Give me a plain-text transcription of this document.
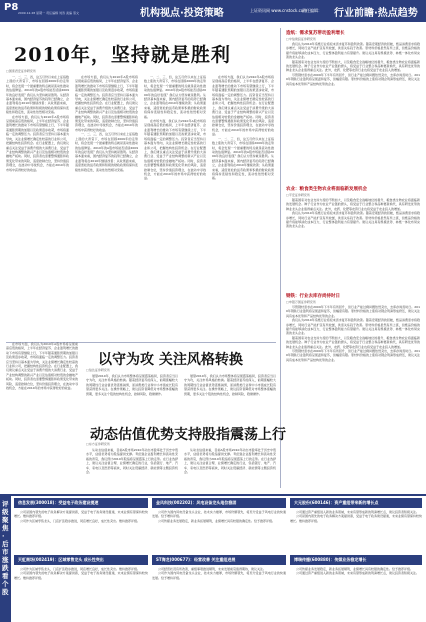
P8 2009.12.28 星期一 责任编辑 刘涛 美编 蔡文	机构视点·投资策略	上证资讯网 www.cnstock.com
责任编辑： 行业前瞻·热点趋势
2010年，坚持就是胜利
□国泰君安证券研究所

一、二、三、四，这五月份以来在上证指数上涨的大背景下，市场在回顾2009年的走势时，将会发现一个最重要的特点就是流动性推动的估值修复。2010年的A股市场能否延续2009年的良好表现？我们认为坚持就是胜利。从经济基本面来看，国内经济复苏的趋势已经确立，企业盈利将在2010年继续改善；从政策面来看，适度宽松的货币政策和积极的财政政策将保持连续性和稳定性，流动性依然相对充裕。

在市场方面，我们认为2010年A股市场将呈现前高后低的格局，上半年在经济复苏、企业盈利增长的推动下市场有望继续上行，下半年随着通胀预期的加强以及政策逐步收紧，市场将面临一定的调整压力。投资者应当坚持以基本面为导向，关注业绩增长确定性较高的行业和公司，把握结构性投资机会。在行业配置上，我们建议重点关注受益于消费升级的大消费行业、受益于产业结构调整的新兴产业以及估值相对较低的金融地产板块。同时，投资者也需要警惕通胀和政策变化带来的风险，适度控制仓位，坚持价值投资理念，在波动中寻找机会，方能在2010年的市场中获得较好的收益。

在市场方面，我们认为2010年A股市场将呈现前高后低的格局，上半年在经济复苏、企业盈利增长的推动下市场有望继续上行，下半年随着通胀预期的加强以及政策逐步收紧，市场将面临一定的调整压力。投资者应当坚持以基本面为导向，关注业绩增长确定性较高的行业和公司，把握结构性投资机会。在行业配置上，我们建议重点关注受益于消费升级的大消费行业、受益于产业结构调整的新兴产业以及估值相对较低的金融地产板块。同时，投资者也需要警惕通胀和政策变化带来的风险，适度控制仓位，坚持价值投资理念，在波动中寻找机会，方能在2010年的市场中获得较好的收益。

一、二、三、四，这五月份以来在上证指数上涨的大背景下，市场在回顾2009年的走势时，将会发现一个最重要的特点就是流动性推动的估值修复。2010年的A股市场能否延续2009年的良好表现？我们认为坚持就是胜利。从经济基本面来看，国内经济复苏的趋势已经确立，企业盈利将在2010年继续改善；从政策面来看，适度宽松的货币政策和积极的财政政策将保持连续性和稳定性，流动性依然相对充裕。

一、二、三、四，这五月份以来在上证指数上涨的大背景下，市场在回顾2009年的走势时，将会发现一个最重要的特点就是流动性推动的估值修复。2010年的A股市场能否延续2009年的良好表现？我们认为坚持就是胜利。从经济基本面来看，国内经济复苏的趋势已经确立，企业盈利将在2010年继续改善；从政策面来看，适度宽松的货币政策和积极的财政政策将保持连续性和稳定性，流动性依然相对充裕。

在市场方面，我们认为2010年A股市场将呈现前高后低的格局，上半年在经济复苏、企业盈利增长的推动下市场有望继续上行，下半年随着通胀预期的加强以及政策逐步收紧，市场将面临一定的调整压力。投资者应当坚持以基本面为导向，关注业绩增长确定性较高的行业和公司，把握结构性投资机会。在行业配置上，我们建议重点关注受益于消费升级的大消费行业、受益于产业结构调整的新兴产业以及估值相对较低的金融地产板块。同时，投资者也需要警惕通胀和政策变化带来的风险，适度控制仓位，坚持价值投资理念，在波动中寻找机会，方能在2010年的市场中获得较好的收益。

在市场方面，我们认为2010年A股市场将呈现前高后低的格局，上半年在经济复苏、企业盈利增长的推动下市场有望继续上行，下半年随着通胀预期的加强以及政策逐步收紧，市场将面临一定的调整压力。投资者应当坚持以基本面为导向，关注业绩增长确定性较高的行业和公司，把握结构性投资机会。在行业配置上，我们建议重点关注受益于消费升级的大消费行业、受益于产业结构调整的新兴产业以及估值相对较低的金融地产板块。同时，投资者也需要警惕通胀和政策变化带来的风险，适度控制仓位，坚持价值投资理念，在波动中寻找机会，方能在2010年的市场中获得较好的收益。

一、二、三、四，这五月份以来在上证指数上涨的大背景下，市场在回顾2009年的走势时，将会发现一个最重要的特点就是流动性推动的估值修复。2010年的A股市场能否延续2009年的良好表现？我们认为坚持就是胜利。从经济基本面来看，国内经济复苏的趋势已经确立，企业盈利将在2010年继续改善；从政策面来看，适度宽松的货币政策和积极的财政政策将保持连续性和稳定性，流动性依然相对充裕。

以守为攻 关注风格转换
□信达证券研究所

在市场方面，我们认为2010年A股市场将呈现前高后低的格局，上半年在经济复苏、企业盈利增长的推动下市场有望继续上行，下半年随着通胀预期的加强以及政策逐步收紧，市场将面临一定的调整压力。投资者应当坚持以基本面为导向，关注业绩增长确定性较高的行业和公司，把握结构性投资机会。在行业配置上，我们建议重点关注受益于消费升级的大消费行业、受益于产业结构调整的新兴产业以及估值相对较低的金融地产板块。同时，投资者也需要警惕通胀和政策变化带来的风险，适度控制仓位，坚持价值投资理念，在波动中寻找机会，方能在2010年的市场中获得较好的收益。

展望2010年，我们认为市场整体将呈现震荡格局，投资者应当以守为攻，关注市场风格的转换。随着经济复苏的深入，前期涨幅较大的周期性行业估值优势逐渐减弱，而消费类行业和中小市值成长股有望获得更多关注。在操作策略上，建议投资者降低对市场整体涨幅的预期，更多关注个股的结构性机会，控制风险，稳健操作。

展望2010年，我们认为市场整体将呈现震荡格局，投资者应当以守为攻，关注市场风格的转换。随着经济复苏的深入，前期涨幅较大的周期性行业估值优势逐渐减弱，而消费类行业和中小市值成长股有望获得更多关注。在操作策略上，建议投资者降低对市场整体涨幅的预期，更多关注个股的结构性机会，控制风险，稳健操作。

动态估值优势支持股指震荡上行
□东方证券研究所

从动态估值来看，目前A股市场2010年动态市盈率处于历史中低水平，估值优势将为股指提供支撑。考虑到企业盈利增长和流动性充裕的背景，我们预计2010年股指将呈现震荡上行的走势。在行业选择上，建议关注估值合理、业绩增长确定的行业，包括银行、地产、汽车、家电以及医药等板块，同时关注低碳经济、新能源等主题投资机会。

从动态估值来看，目前A股市场2010年动态市盈率处于历史中低水平，估值优势将为股指提供支撑。考虑到企业盈利增长和流动性充裕的背景，我们预计2010年股指将呈现震荡上行的走势。在行业选择上，建议关注估值合理、业绩增长确定的行业，包括银行、地产、汽车、家电以及医药等板块，同时关注低碳经济、新能源等主题投资机会。

造纸：需求复苏带动盈利增长
□中信建投证券研究所

我们认为2010年造纸行业将迎来需求复苏和盈利改善。随着宏观经济的回暖，纸品消费需求将稳步增长，同时行业产能扩张有所放缓，供需关系趋于改善。原材料价格虽然有所上涨，但纸品价格的提升将能够消化成本压力，行业整体盈利能力有望提升。建议关注具有规模优势、林纸一体化布局完善的龙头企业。

随着国家对农业支持力度的不断加大，以及粮食安全战略地位的提升，粮食类生物农业将面临新的发展机会。种子行业作为农业产业链的源头，将受益于行业整合和品种更新换代，具有研发优势的种业龙头企业值得重点关注。此外，农药、化肥等农资行业也将受益于农业投入的增加。

尽管钢材需求在2009年下半年有所回升，但行业产能过剩问题依然突出，去库存尚需时日。2010年钢铁行业盈利将呈现温和复苏，但幅度有限。原材料价格的上涨将对钢企利润形成挤压，建议关注具有成本优势和产品结构优势的企业。

农业：粮食类生物农业将面临新发展机会
□平安证券研究所

随着国家对农业支持力度的不断加大，以及粮食安全战略地位的提升，粮食类生物农业将面临新的发展机会。种子行业作为农业产业链的源头，将受益于行业整合和品种更新换代，具有研发优势的种业龙头企业值得重点关注。此外，农药、化肥等农资行业也将受益于农业投入的增加。

我们认为2010年造纸行业将迎来需求复苏和盈利改善。随着宏观经济的回暖，纸品消费需求将稳步增长，同时行业产能扩张有所放缓，供需关系趋于改善。原材料价格虽然有所上涨，但纸品价格的提升将能够消化成本压力，行业整体盈利能力有望提升。建议关注具有规模优势、林纸一体化布局完善的龙头企业。

钢铁：行业去库存尚待时日
□申银万国证券研究所

尽管钢材需求在2009年下半年有所回升，但行业产能过剩问题依然突出，去库存尚需时日。2010年钢铁行业盈利将呈现温和复苏，但幅度有限。原材料价格的上涨将对钢企利润形成挤压，建议关注具有成本优势和产品结构优势的企业。

我们认为2010年造纸行业将迎来需求复苏和盈利改善。随着宏观经济的回暖，纸品消费需求将稳步增长，同时行业产能扩张有所放缓，供需关系趋于改善。原材料价格虽然有所上涨，但纸品价格的提升将能够消化成本压力，行业整体盈利能力有望提升。建议关注具有规模优势、林纸一体化布局完善的龙头企业。

随着国家对农业支持力度的不断加大，以及粮食安全战略地位的提升，粮食类生物农业将面临新的发展机会。种子行业作为农业产业链的源头，将受益于行业整合和品种更新换代，具有研发优势的种业龙头企业值得重点关注。此外，农药、化肥等农资行业也将受益于农业投入的增加。

尽管钢材需求在2009年下半年有所回升，但行业产能过剩问题依然突出，去库存尚需时日。2010年钢铁行业盈利将呈现温和复苏，但幅度有限。原材料价格的上涨将对钢企利润形成挤压，建议关注具有成本优势和产品结构优势的企业。

评级聚焦·后市涨跌看个股
信息发展(300018)：受益电子政务建设提速

公司是国内领先的电子政务解决方案提供商，受益于电子政务建设提速，未来业绩有望保持较快增长。维持推荐评级。

公司作为区域零售龙头，门店扩张稳步推进，同店增长良好，成长性突出。维持推荐评级。

金风科技(002202)：风电设备龙头地位稳固

公司作为国内风电设备龙头企业，技术实力雄厚，市场份额领先，将充分受益于风电行业的快速发展。给予增持评级。

公司传媒业务发展稳定，新业务拓展顺利，业绩增长具有较强的确定性。给予推荐评级。

大元股份(600146)：资产重组带来新的增长点

公司通过资产重组进入新的业务领域，未来有望形成新的利润增长点，建议投资者积极关注。

公司是国内领先的电子政务解决方案提供商，受益于电子政务建设提速，未来业绩有望保持较快增长。维持推荐评级。

天虹商场(002419)：区域零售龙头 成长性突出

公司作为区域零售龙头，门店扩张稳步推进，同店增长良好，成长性突出。维持推荐评级。

公司是国内领先的电子政务解决方案提供商，受益于电子政务建设提速，未来业绩有望保持较快增长。维持推荐评级。

ST海龙(000677)：经营改善 关注重组进展

公司经营状况有所改善，重组事项推进顺利，未来发展前景值得期待，建议关注。

公司作为国内风电设备龙头企业，技术实力雄厚，市场份额领先，将充分受益于风电行业的快速发展。给予增持评级。

博瑞传播(600880)：传媒业务稳定增长

公司传媒业务发展稳定，新业务拓展顺利，业绩增长具有较强的确定性。给予推荐评级。

公司通过资产重组进入新的业务领域，未来有望形成新的利润增长点，建议投资者积极关注。
